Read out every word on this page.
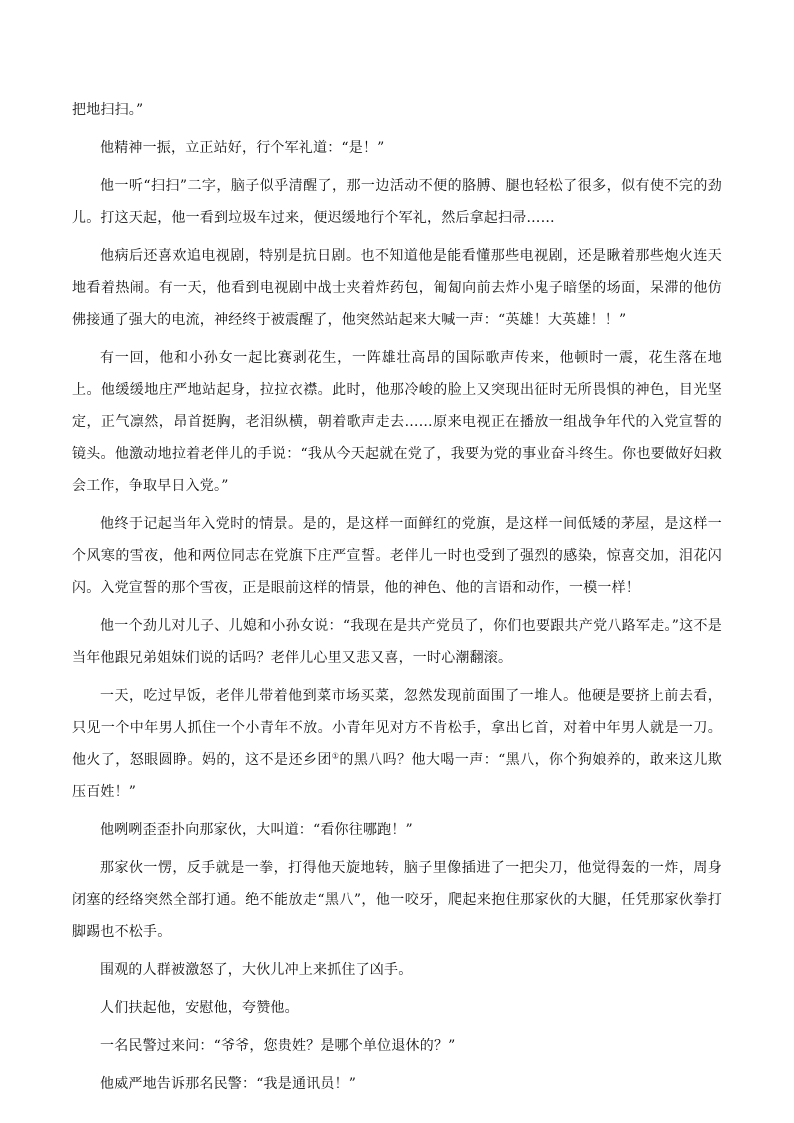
把地扫扫。”

他精神一振，立正站好，行个军礼道：“是！”

他一听“扫扫”二字，脑子似乎清醒了，那一边活动不便的胳膊、腿也轻松了很多，似有使不完的劲儿。打这天起，他一看到垃圾车过来，便迟缓地行个军礼，然后拿起扫帚……

他病后还喜欢追电视剧，特别是抗日剧。也不知道他是能看懂那些电视剧，还是瞅着那些炮火连天地看着热闹。有一天，他看到电视剧中战士夹着炸药包，匍匐向前去炸小鬼子暗堡的场面，呆滞的他仿佛接通了强大的电流，神经终于被震醒了，他突然站起来大喊一声：“英雄！大英雄！！”

有一回，他和小孙女一起比赛剥花生，一阵雄壮高昂的国际歌声传来，他顿时一震，花生落在地上。他缓缓地庄严地站起身，拉拉衣襟。此时，他那冷峻的脸上又突现出征时无所畏惧的神色，目光坚定，正气凛然，昂首挺胸，老泪纵横，朝着歌声走去……原来电视正在播放一组战争年代的入党宣誓的镜头。他激动地拉着老伴儿的手说：“我从今天起就在党了，我要为党的事业奋斗终生。你也要做好妇救会工作，争取早日入党。”

他终于记起当年入党时的情景。是的，是这样一面鲜红的党旗，是这样一间低矮的茅屋，是这样一个风寒的雪夜，他和两位同志在党旗下庄严宣誓。老伴儿一时也受到了强烈的感染，惊喜交加，泪花闪闪。入党宣誓的那个雪夜，正是眼前这样的情景，他的神色、他的言语和动作，一模一样！

他一个劲儿对儿子、儿媳和小孙女说：“我现在是共产党员了，你们也要跟共产党八路军走。”这不是当年他跟兄弟姐妹们说的话吗？老伴儿心里又悲又喜，一时心潮翻滚。

一天，吃过早饭，老伴儿带着他到菜市场买菜，忽然发现前面围了一堆人。他硬是要挤上前去看，只见一个中年男人抓住一个小青年不放。小青年见对方不肯松手，拿出匕首，对着中年男人就是一刀。他火了，怒眼圆睁。妈的，这不是还乡团①的黑八吗？他大喝一声：“黑八，你个狗娘养的，敢来这儿欺压百姓！”

他咧咧歪歪扑向那家伙，大叫道：“看你往哪跑！”

那家伙一愣，反手就是一拳，打得他天旋地转，脑子里像插进了一把尖刀，他觉得轰的一炸，周身闭塞的经络突然全部打通。绝不能放走“黑八”，他一咬牙，爬起来抱住那家伙的大腿，任凭那家伙拳打脚踢也不松手。

围观的人群被激怒了，大伙儿冲上来抓住了凶手。

人们扶起他，安慰他，夸赞他。

一名民警过来问：“爷爷，您贵姓？是哪个单位退休的？”

他威严地告诉那名民警：“我是通讯员！”
